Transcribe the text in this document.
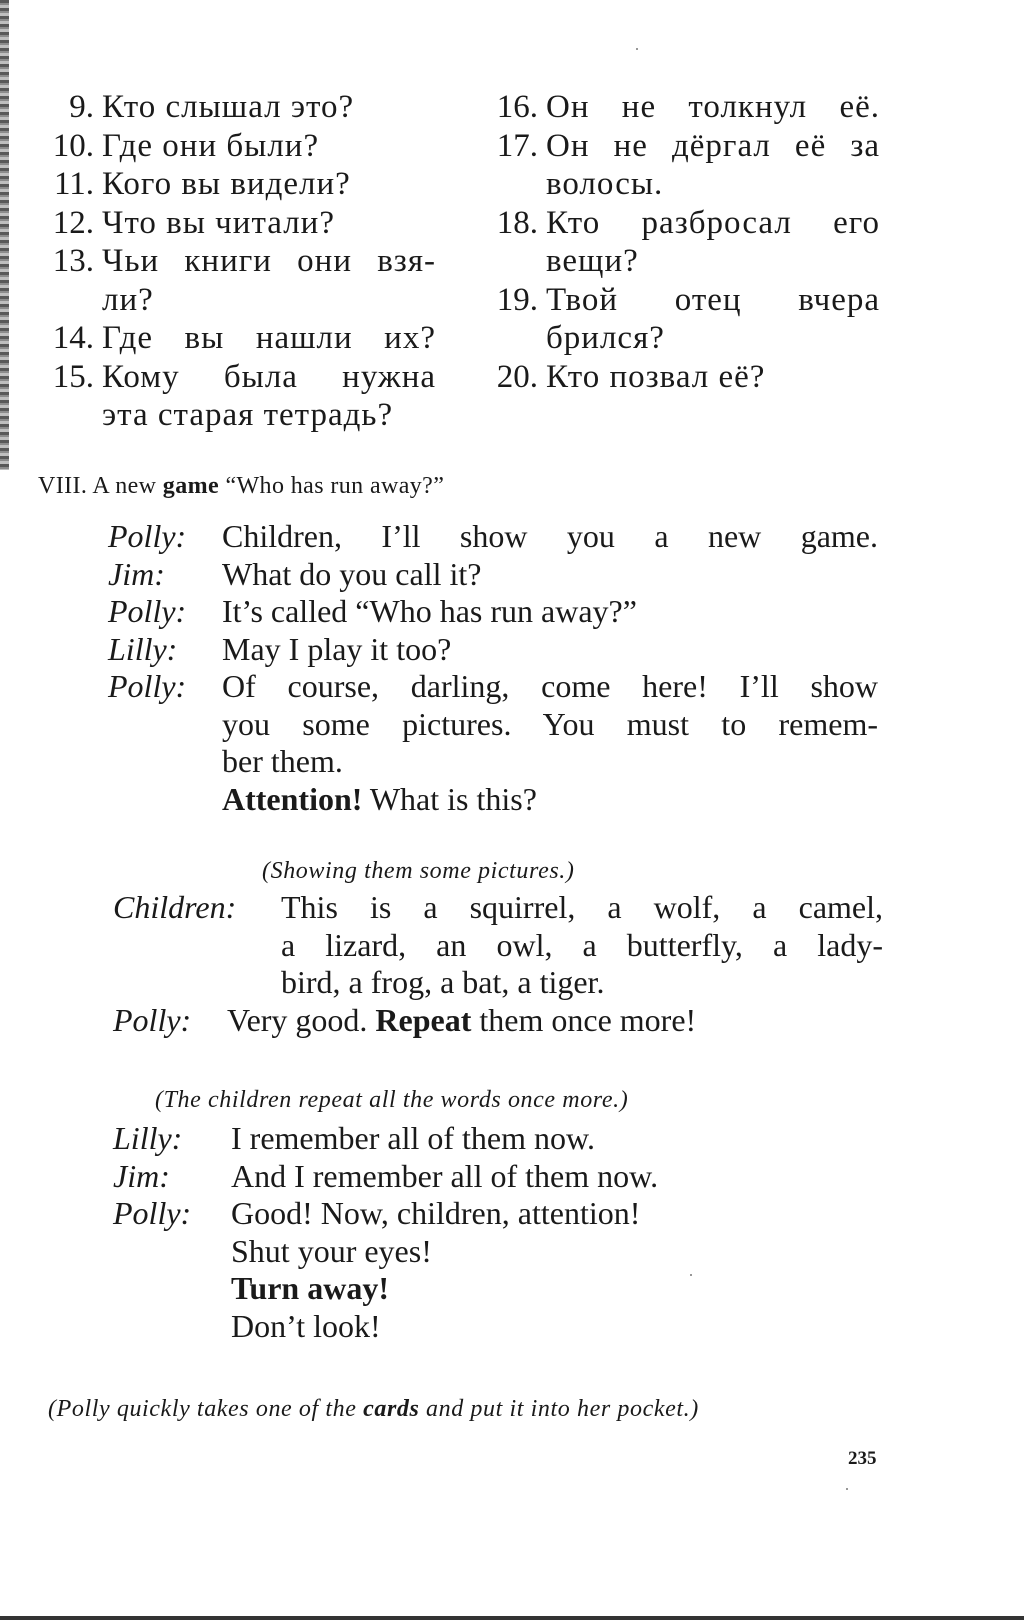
9. Кто слышал это?
10. Где они были?
11. Кого вы видели?
12. Что вы читали?
13. Чьи книги они взя-
ли?
14. Где вы нашли их?
15. Кому была нужна
эта старая тетрадь?
16. Он не толкнул её.
17. Он не дёргал её за
волосы.
18. Кто разбросал его
вещи?
19. Твой отец вчера
брился?
20. Кто позвал её?
VIII. A new game “Who has run away?”
Polly:	Children, I’ll show you a new game.
Jim:	What do you call it?
Polly:	It’s called “Who has run away?”
Lilly:	May I play it too?
Polly:	Of course, darling, come here! I’ll show
you some pictures. You must to remem-
ber them.
Attention! What is this?
(Showing them some pictures.)
Children:	This is a squirrel, a wolf, a camel,
a lizard, an owl, a butterfly, a lady-
bird, a frog, a bat, a tiger.
Polly:	Very good. Repeat them once more!
(The children repeat all the words once more.)
Lilly:	I remember all of them now.
Jim:	And I remember all of them now.
Polly:	Good! Now, children, attention!
Shut your eyes!
Turn away!
Don’t look!
(Polly quickly takes one of the cards and put it into her pocket.)
235
